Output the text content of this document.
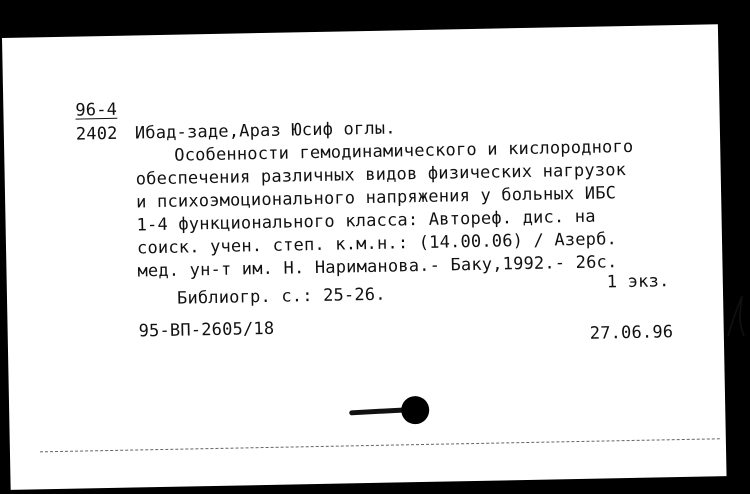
96-4
2402 Ибад-заде,Араз Юсиф оглы.
Особенности гемодинамического и кислородного
обеспечения различных видов физических нагрузок
и психоэмоционального напряжения у больных ИБС
1-4 функционального класса: Автореф. дис. на
соиск. учен. степ. к.м.н.: (14.00.06) / Азерб.
мед. ун-т им. Н. Нариманова.- Баку,1992.- 26с.
1 экз.
Библиогр. с.: 25-26.
95-ВП-2605/18	27.06.96
